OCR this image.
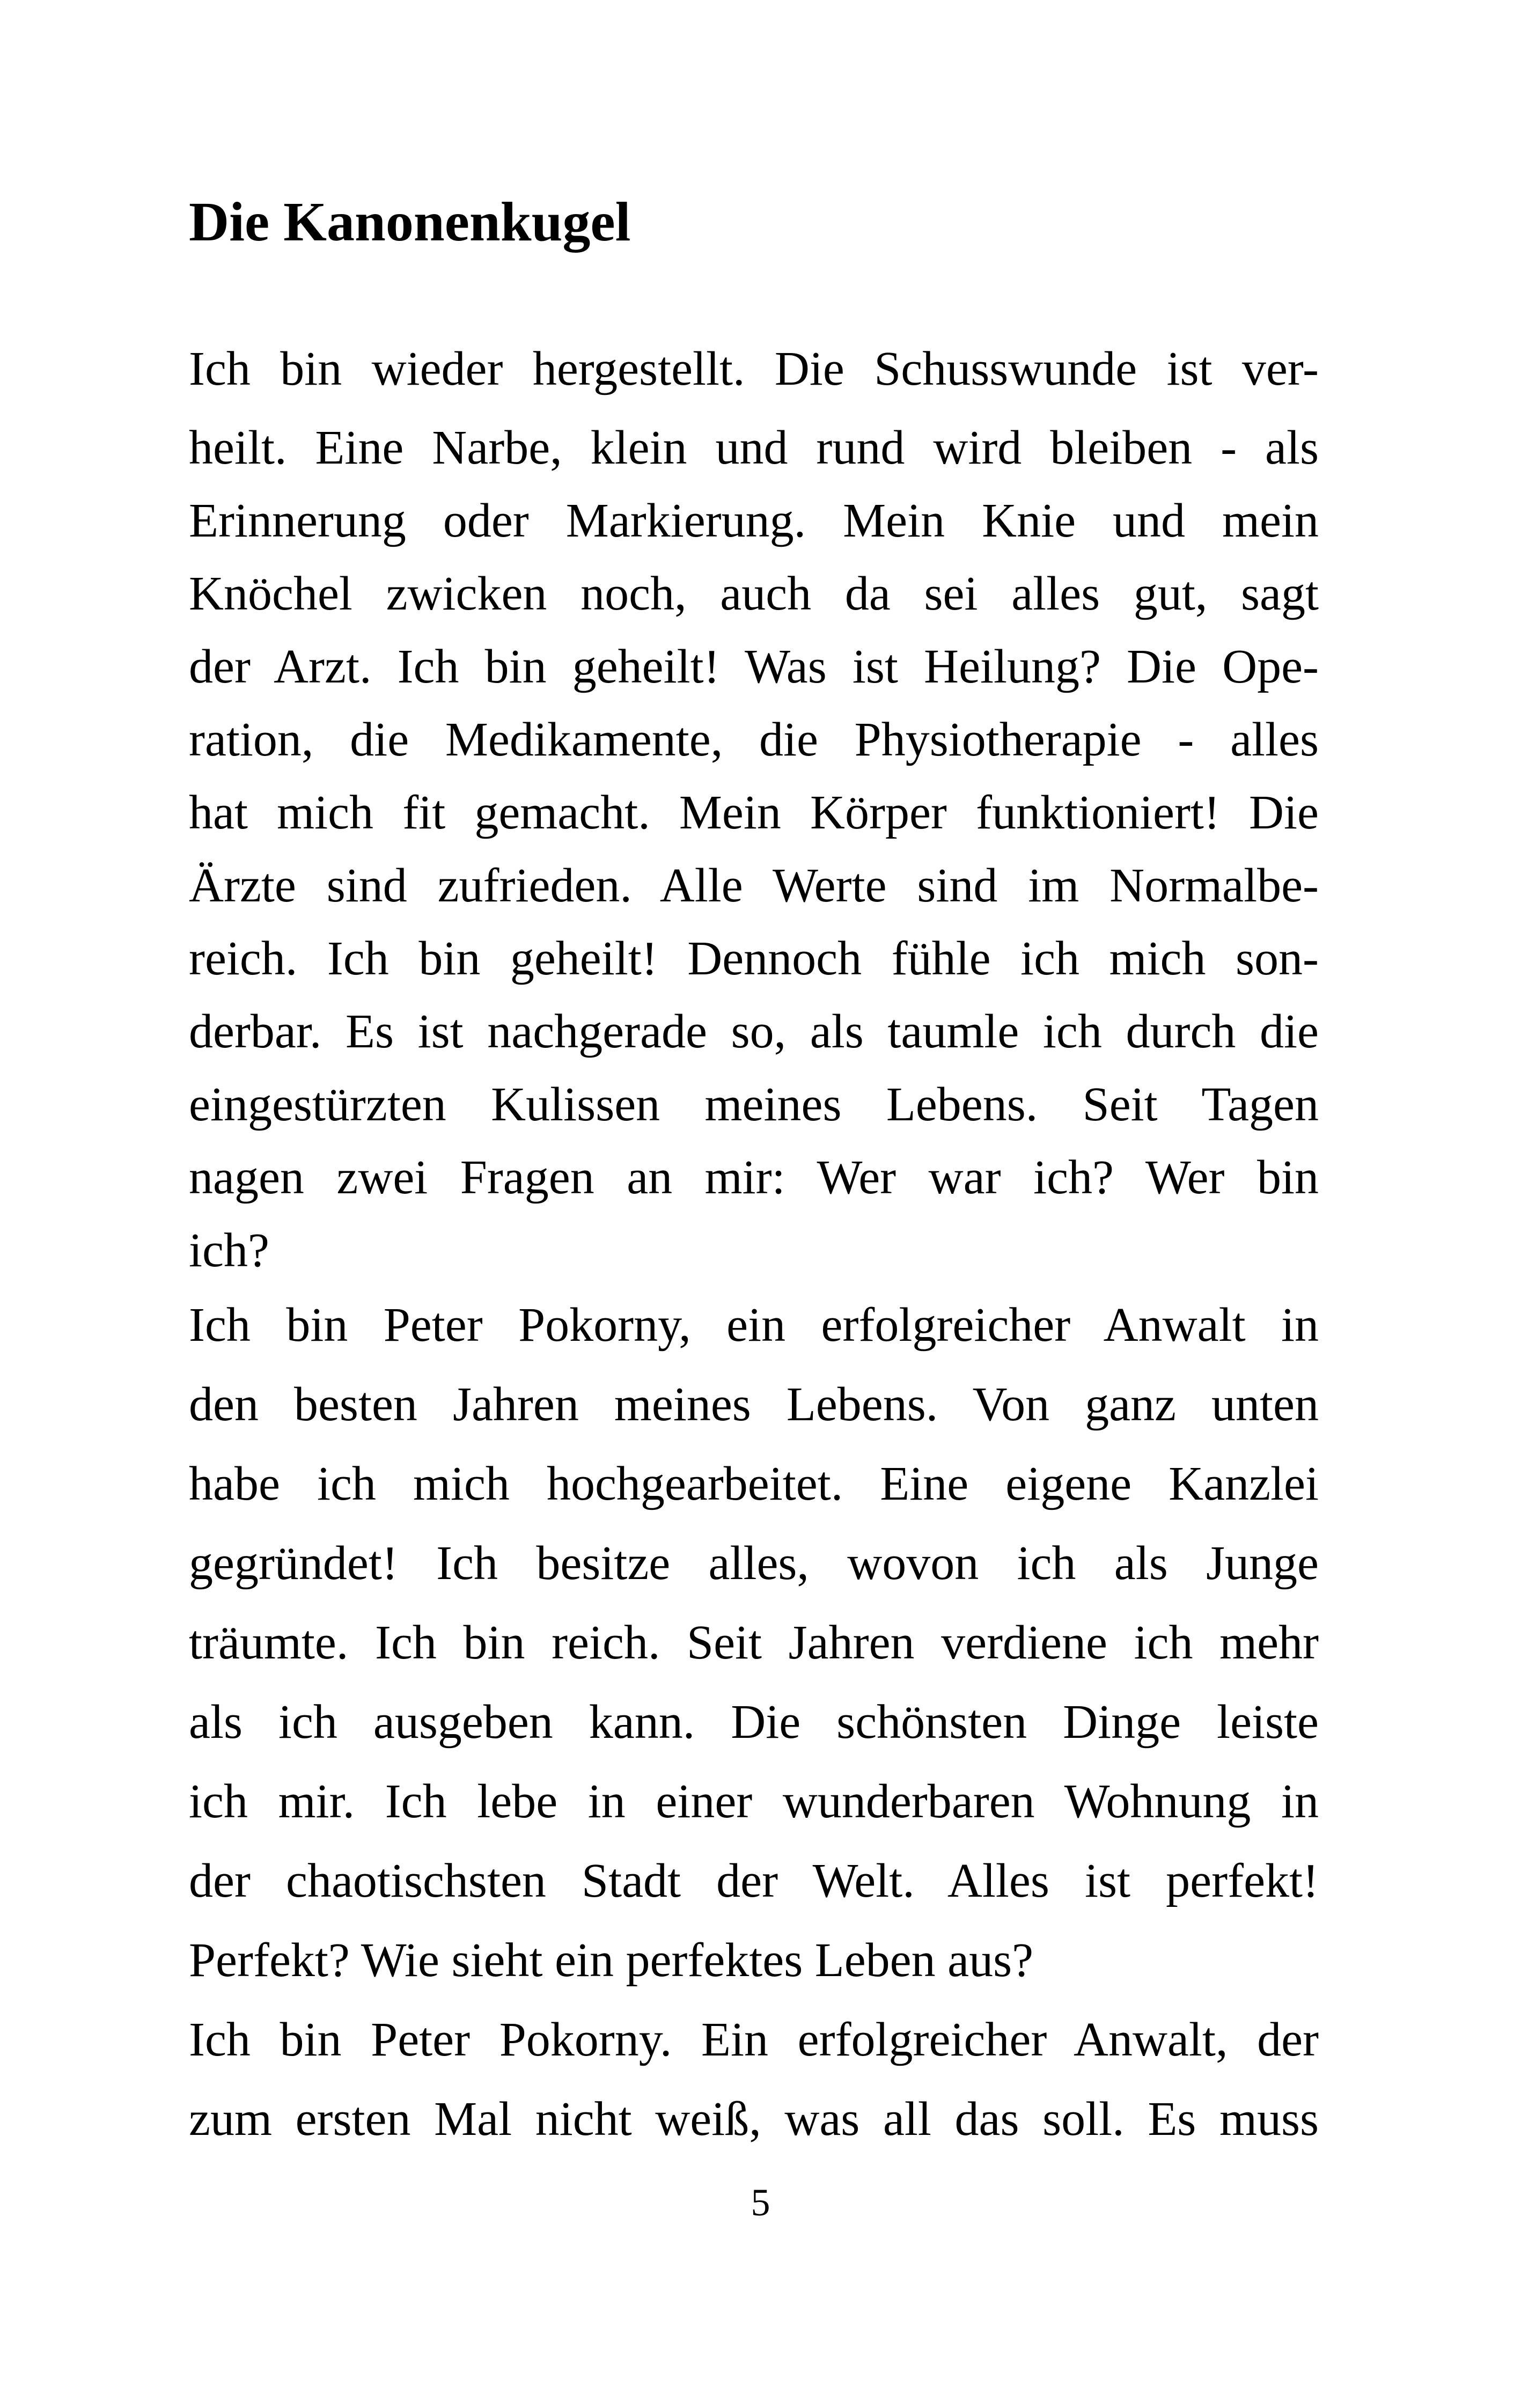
Die Kanonenkugel

Ich bin wieder hergestellt. Die Schusswunde ist ver-

heilt. Eine Narbe, klein und rund wird bleiben - als

Erinnerung oder Markierung. Mein Knie und mein

Knöchel zwicken noch, auch da sei alles gut, sagt

der Arzt. Ich bin geheilt! Was ist Heilung? Die Ope-

ration, die Medikamente, die Physiotherapie - alles

hat mich fit gemacht. Mein Körper funktioniert! Die

Ärzte sind zufrieden. Alle Werte sind im Normalbe-

reich. Ich bin geheilt! Dennoch fühle ich mich son-

derbar. Es ist nachgerade so, als taumle ich durch die

eingestürzten Kulissen meines Lebens. Seit Tagen

nagen zwei Fragen an mir: Wer war ich? Wer bin

ich?

Ich bin Peter Pokorny, ein erfolgreicher Anwalt in

den besten Jahren meines Lebens. Von ganz unten

habe ich mich hochgearbeitet. Eine eigene Kanzlei

gegründet! Ich besitze alles, wovon ich als Junge

träumte. Ich bin reich. Seit Jahren verdiene ich mehr

als ich ausgeben kann. Die schönsten Dinge leiste

ich mir. Ich lebe in einer wunderbaren Wohnung in

der chaotischsten Stadt der Welt. Alles ist perfekt!

Perfekt? Wie sieht ein perfektes Leben aus?

Ich bin Peter Pokorny. Ein erfolgreicher Anwalt, der

zum ersten Mal nicht weiß, was all das soll. Es muss

5
